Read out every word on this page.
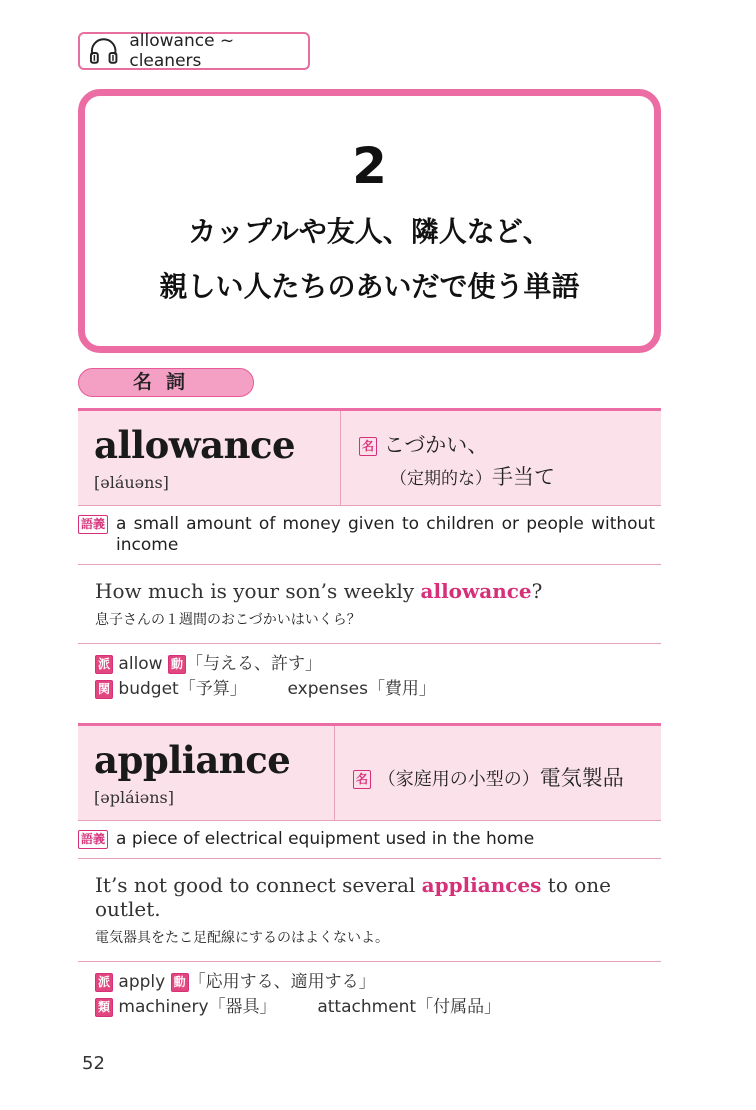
allowance ~ cleaners
2
カップルや友人、隣人など、
親しい人たちのあいだで使う単語
名詞
allowance
[əláuəns]
名 こづかい、
（定期的な）手当て
語義 a small amount of money given to children or people without income
How much is your son’s weekly allowance?
息子さんの１週間のおこづかいはいくら？
派 allow 動 「与える、許す」
関 budget「予算」 expenses「費用」
appliance
[əpláiəns]
名 （家庭用の小型の）電気製品
語義 a piece of electrical equipment used in the home
It’s not good to connect several appliances to one outlet.
電気器具をたこ足配線にするのはよくないよ。
派 apply 動 「応用する、適用する」
類 machinery「器具」 attachment「付属品」
52
